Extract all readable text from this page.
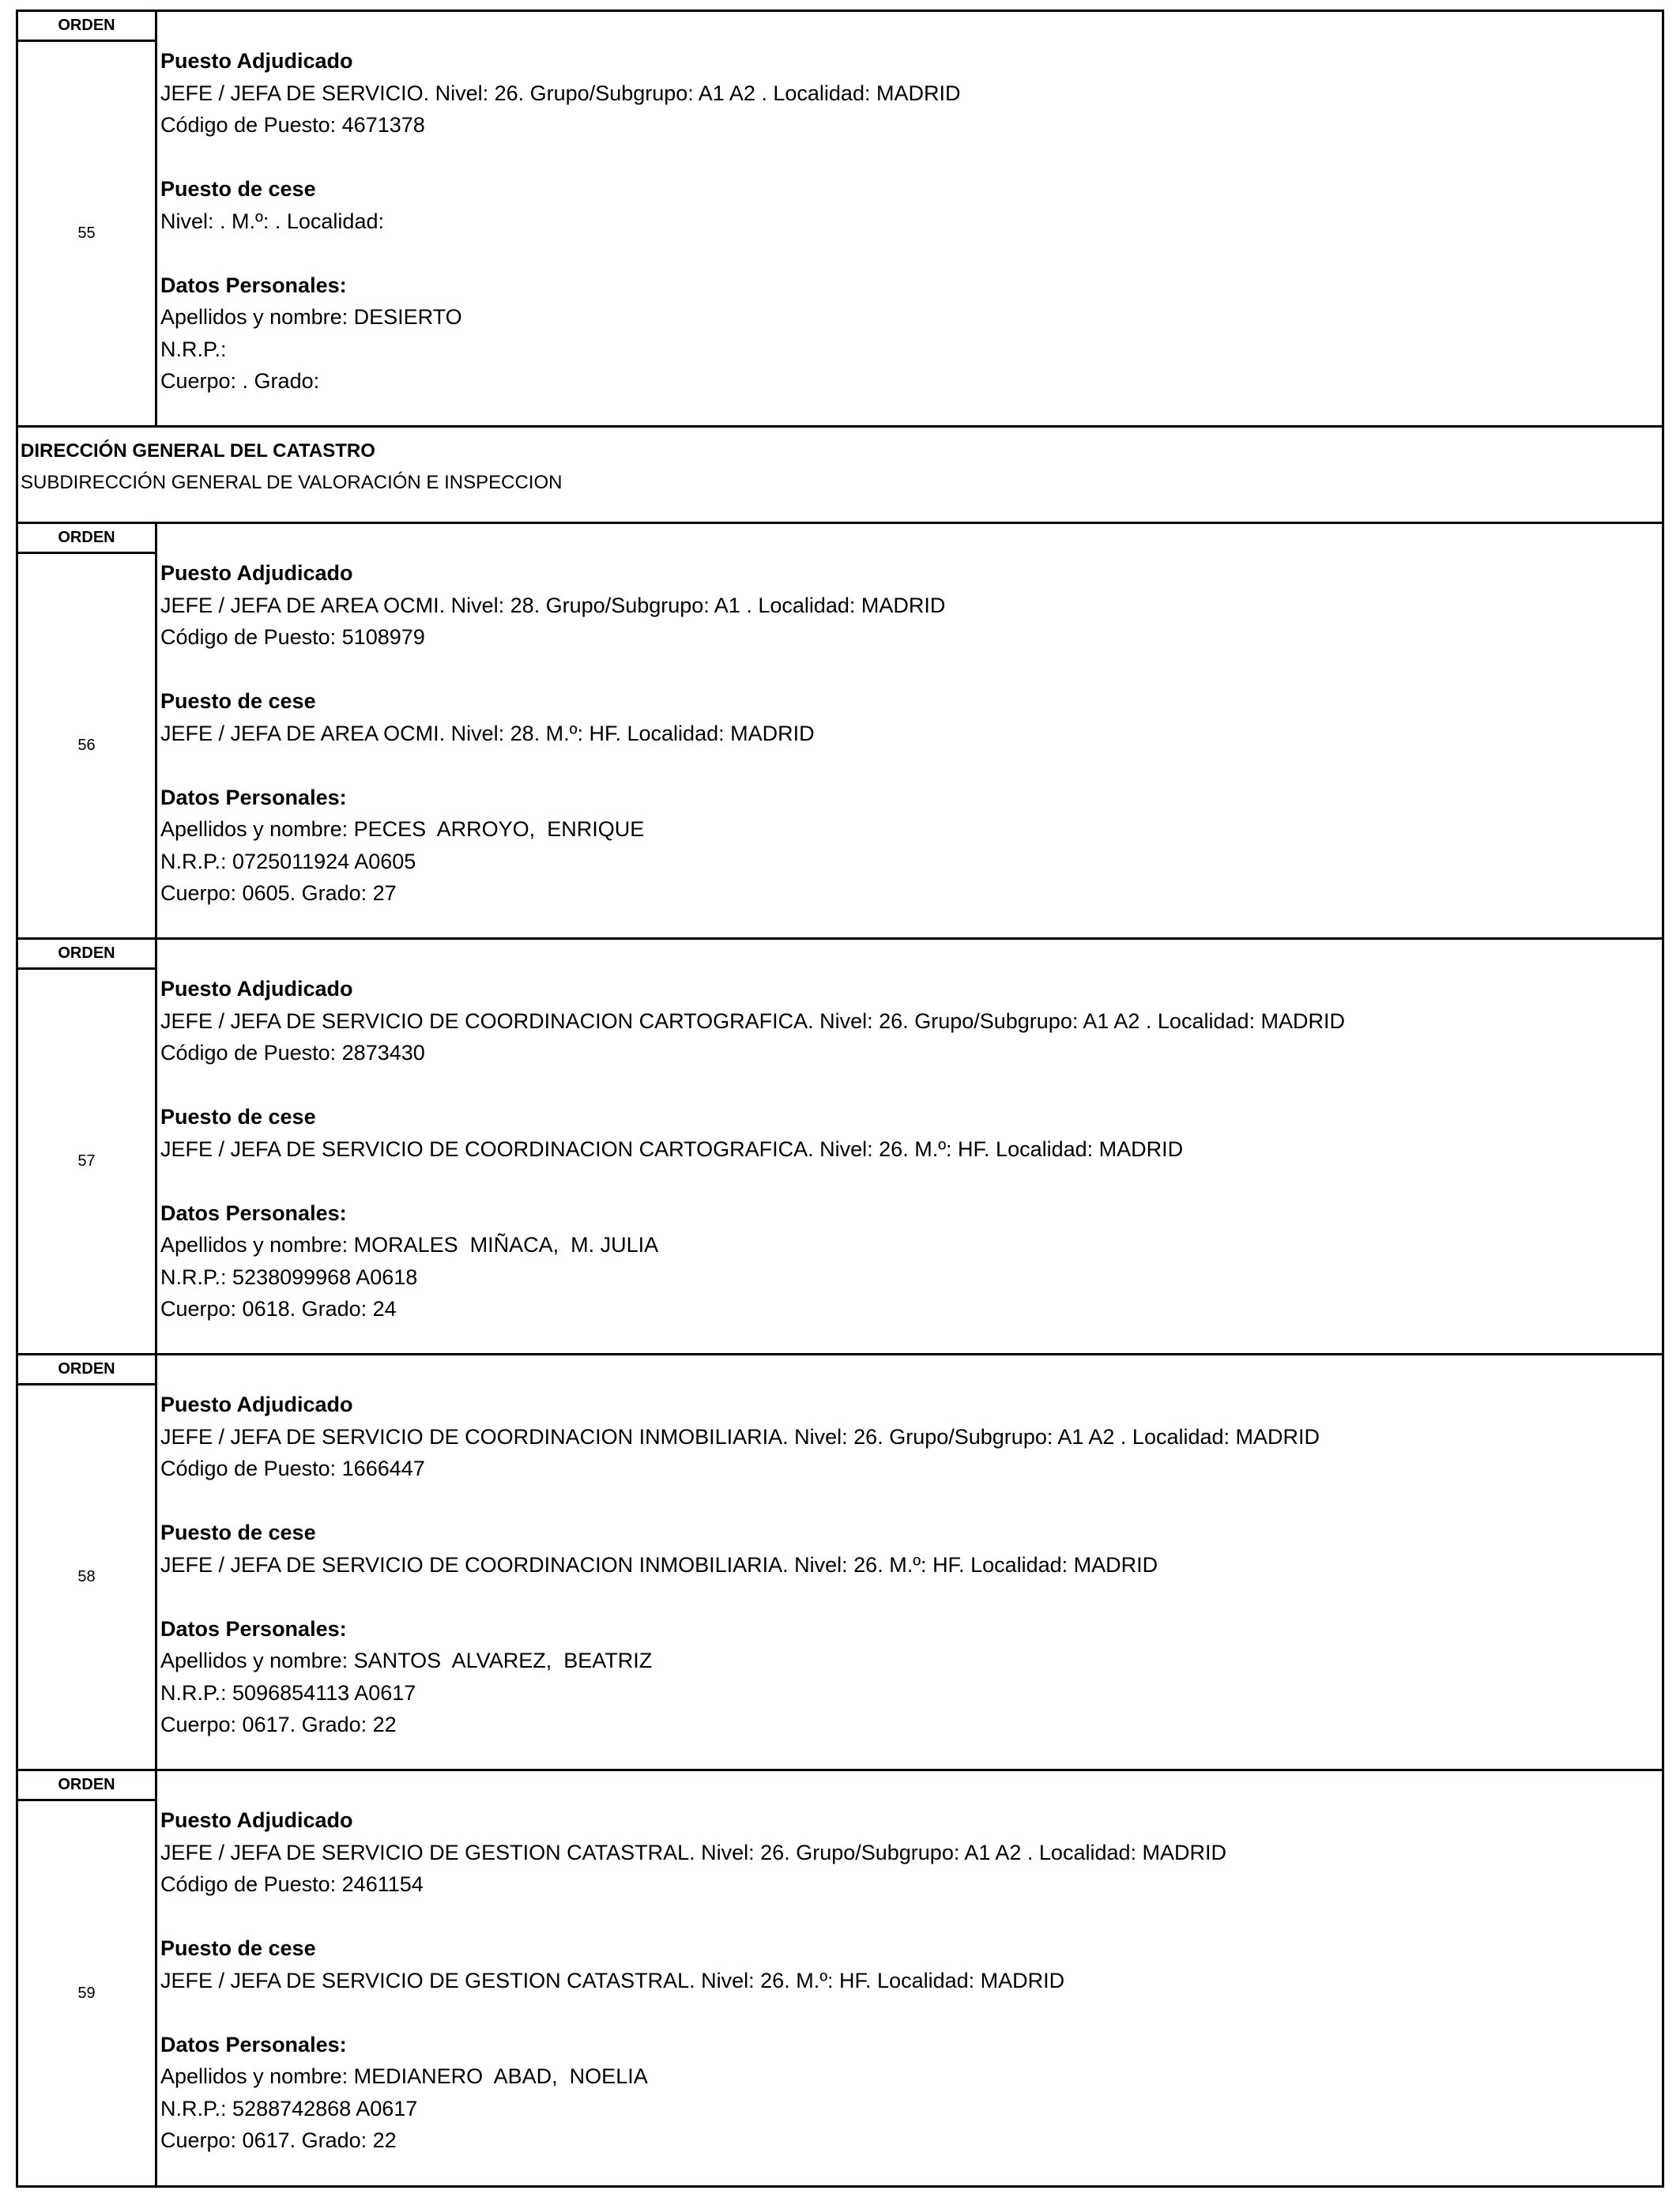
ORDEN
55
Puesto Adjudicado
JEFE / JEFA DE SERVICIO. Nivel: 26. Grupo/Subgrupo: A1 A2 . Localidad: MADRID
Código de Puesto: 4671378
Puesto de cese
Nivel: . M.º: . Localidad:
Datos Personales:
Apellidos y nombre: DESIERTO
N.R.P.:
Cuerpo: . Grado:
DIRECCIÓN GENERAL DEL CATASTRO
SUBDIRECCIÓN GENERAL DE VALORACIÓN E INSPECCION
ORDEN
56
Puesto Adjudicado
JEFE / JEFA DE AREA OCMI. Nivel: 28. Grupo/Subgrupo: A1 . Localidad: MADRID
Código de Puesto: 5108979
Puesto de cese
JEFE / JEFA DE AREA OCMI. Nivel: 28. M.º: HF. Localidad: MADRID
Datos Personales:
Apellidos y nombre: PECES  ARROYO,  ENRIQUE
N.R.P.: 0725011924 A0605
Cuerpo: 0605. Grado: 27
ORDEN
57
Puesto Adjudicado
JEFE / JEFA DE SERVICIO DE COORDINACION CARTOGRAFICA. Nivel: 26. Grupo/Subgrupo: A1 A2 . Localidad: MADRID
Código de Puesto: 2873430
Puesto de cese
JEFE / JEFA DE SERVICIO DE COORDINACION CARTOGRAFICA. Nivel: 26. M.º: HF. Localidad: MADRID
Datos Personales:
Apellidos y nombre: MORALES  MIÑACA,  M. JULIA
N.R.P.: 5238099968 A0618
Cuerpo: 0618. Grado: 24
ORDEN
58
Puesto Adjudicado
JEFE / JEFA DE SERVICIO DE COORDINACION INMOBILIARIA. Nivel: 26. Grupo/Subgrupo: A1 A2 . Localidad: MADRID
Código de Puesto: 1666447
Puesto de cese
JEFE / JEFA DE SERVICIO DE COORDINACION INMOBILIARIA. Nivel: 26. M.º: HF. Localidad: MADRID
Datos Personales:
Apellidos y nombre: SANTOS  ALVAREZ,  BEATRIZ
N.R.P.: 5096854113 A0617
Cuerpo: 0617. Grado: 22
ORDEN
59
Puesto Adjudicado
JEFE / JEFA DE SERVICIO DE GESTION CATASTRAL. Nivel: 26. Grupo/Subgrupo: A1 A2 . Localidad: MADRID
Código de Puesto: 2461154
Puesto de cese
JEFE / JEFA DE SERVICIO DE GESTION CATASTRAL. Nivel: 26. M.º: HF. Localidad: MADRID
Datos Personales:
Apellidos y nombre: MEDIANERO  ABAD,  NOELIA
N.R.P.: 5288742868 A0617
Cuerpo: 0617. Grado: 22
